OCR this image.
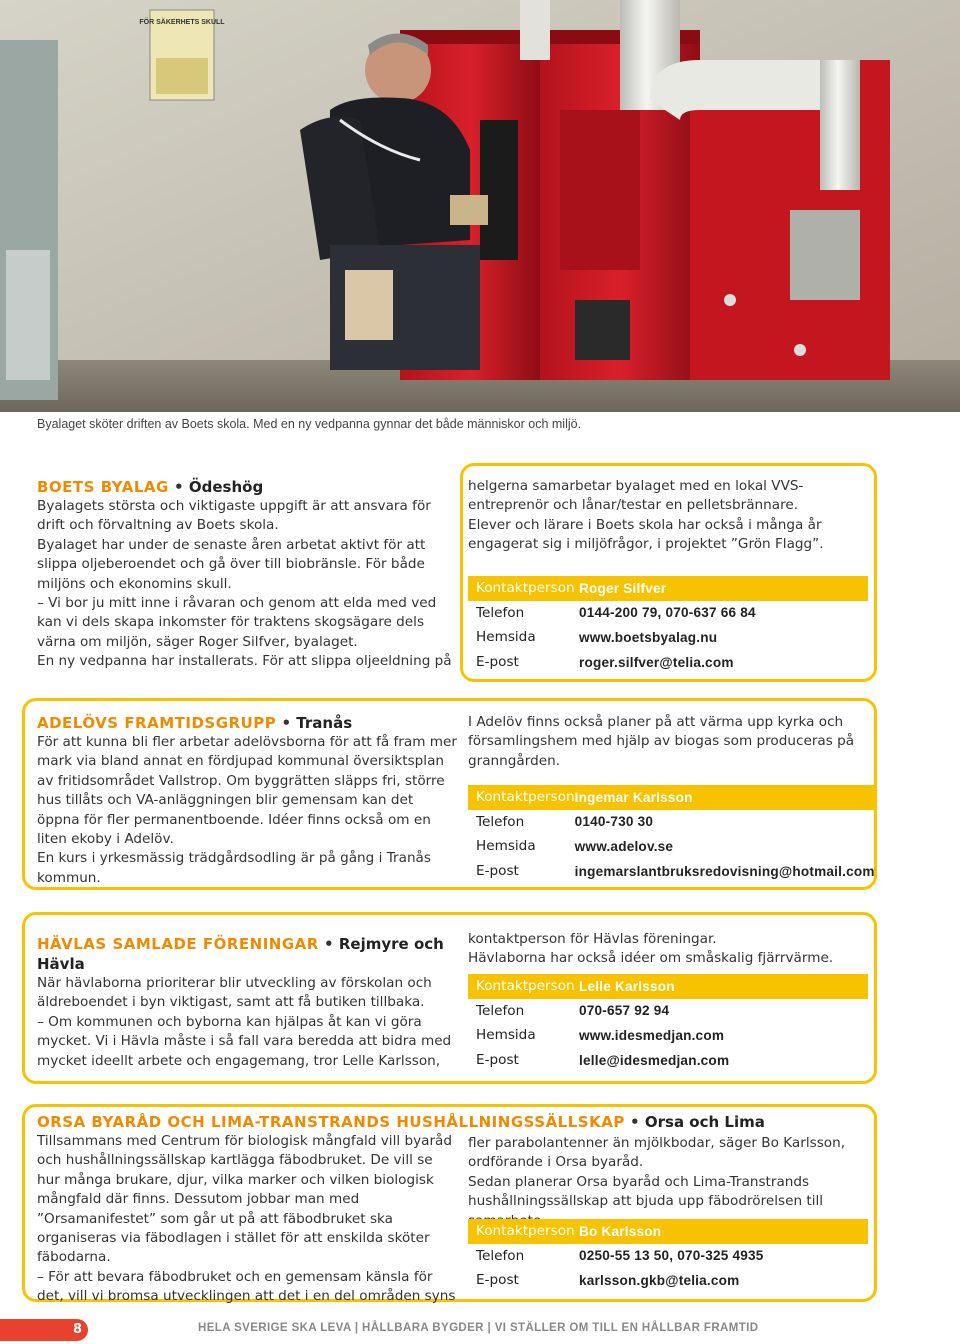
FÖR SÄKERHETS SKULL
Byalaget sköter driften av Boets skola. Med en ny vedpanna gynnar det både människor och miljö.
BOETS BYALAG • Ödeshög

Byalagets största och viktigaste uppgift är att ansvara för drift och förvaltning av Boets skola.

Byalaget har under de senaste åren arbetat aktivt för att slippa oljeberoendet och gå över till biobränsle. För både miljöns och ekonomins skull.

– Vi bor ju mitt inne i råvaran och genom att elda med ved kan vi dels skapa inkomster för traktens skogsägare dels värna om miljön, säger Roger Silfver, byalaget.

En ny vedpanna har installerats. För att slippa oljeeldning på

helgerna samarbetar byalaget med en lokal VVS-entreprenör och lånar/testar en pelletsbrännare.

Elever och lärare i Boets skola har också i många år engagerat sig i miljöfrågor, i projektet ”Grön Flagg”.

Kontaktperson	Roger Silfver
Telefon	0144-200 79, 070-637 66 84
Hemsida	www.boetsbyalag.nu
E-post	roger.silfver@telia.com
ADELÖVS FRAMTIDSGRUPP • Tranås

För att kunna bli fler arbetar adelövsborna för att få fram mer mark via bland annat en fördjupad kommunal översiktsplan av fritidsområdet Vallstrop. Om byggrätten släpps fri, större hus tillåts och VA-anläggningen blir gemensam kan det öppna för fler permanentboende. Idéer finns också om en liten ekoby i Adelöv.

En kurs i yrkesmässig trädgårdsodling är på gång i Tranås kommun.

I Adelöv finns också planer på att värma upp kyrka och församlingshem med hjälp av biogas som produceras på granngården.

Kontaktperson	Ingemar Karlsson
Telefon	0140-730 30
Hemsida	www.adelov.se
E-post	ingemarslantbruksredovisning@hotmail.com
HÄVLAS SAMLADE FÖRENINGAR • Rejmyre och Hävla

När hävlaborna prioriterar blir utveckling av förskolan och äldreboendet i byn viktigast, samt att få butiken tillbaka.

– Om kommunen och byborna kan hjälpas åt kan vi göra mycket. Vi i Hävla måste i så fall vara beredda att bidra med mycket ideellt arbete och engagemang, tror Lelle Karlsson,

kontaktperson för Hävlas föreningar.

Hävlaborna har också idéer om småskalig fjärrvärme.

Kontaktperson	Lelle Karlsson
Telefon	070-657 92 94
Hemsida	www.idesmedjan.com
E-post	lelle@idesmedjan.com
ORSA BYARÅD OCH LIMA-TRANSTRANDS HUSHÅLLNINGSSÄLLSKAP • Orsa och Lima

Tillsammans med Centrum för biologisk mångfald vill byaråd och hushållningssällskap kartlägga fäbodbruket. De vill se hur många brukare, djur, vilka marker och vilken biologisk mångfald där finns. Dessutom jobbar man med ”Orsamanifestet” som går ut på att fäbodbruket ska organiseras via fäbodlagen i stället för att enskilda sköter fäbodarna.

– För att bevara fäbodbruket och en gemensam känsla för det, vill vi bromsa utvecklingen att det i en del områden syns

fler parabolantenner än mjölkbodar, säger Bo Karlsson, ordförande i Orsa byaråd.

Sedan planerar Orsa byaråd och Lima-Transtrands hushållningssällskap att bjuda upp fäbodrörelsen till

Kontaktperson	Bo Karlsson
Telefon	0250-55 13 50, 070-325 4935
E-post	karlsson.gkb@telia.com
8	HELA SVERIGE SKA LEVA | HÅLLBARA BYGDER | VI STÄLLER OM TILL EN HÅLLBAR FRAMTID
